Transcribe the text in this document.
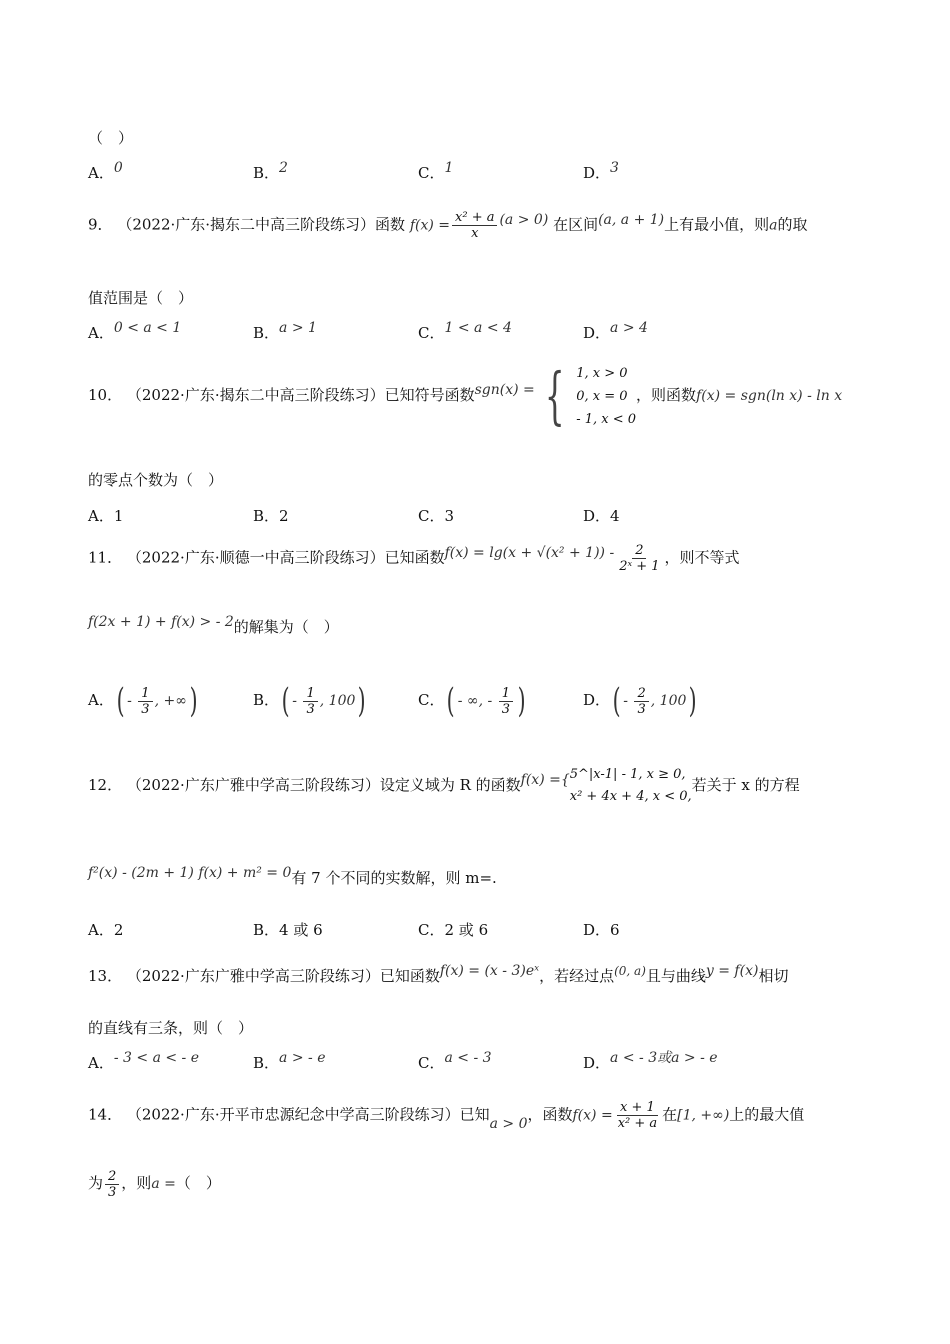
（　）
A．0	B．2	C．1	D．3
9． （2022·广东·揭东二中高三阶段练习）函数 $f(x) = \frac{\text{x² + a}}{x} (a > 0)$ 在区间(a, a + 1)上有最小值，则a的取
值范围是（　）
A．0 < a < 1	B．a > 1	C．1 < a < 4	D．a > 4
10． （2022·广东·揭东二中高三阶段练习）已知符号函数sgn(x) = { 1, x > 0
0, x = 0
- 1, x < 0
，则函数f(x) = sgn(ln x) - ln x
的零点个数为（　）
A．1	B．2	C．3	D．4
11． （2022·广东·顺德一中高三阶段练习）已知函数$f(x) = \lg(x + √(x^2 + 1)) - \frac{2}{\text{2ˣ + 1}}$ ，则不等式
f(2x + 1) + f(x) > - 2的解集为（　）
A．( - $\frac{1}{3}$ , +∞)	B．( - $\frac{1}{3}$ , 100)	C．( - ∞, - $\frac{1}{3}$ )	D．( - $\frac{2}{3}$ , 100)
12． （2022·广东广雅中学高三阶段练习）设定义域为 R 的函数f(x) ={ 5^|x-1| - 1, x ≥ 0,
x² + 4x + 4, x < 0,
若关于 x 的方程
f²(x) - (2m + 1) f(x) + m² = 0有 7 个不同的实数解，则 m=.
A．2	B．4 或 6	C．2 或 6	D．6
13． （2022·广东广雅中学高三阶段练习）已知函数f(x) = (x - 3)eˣ，若经过点(0, a)且与曲线y = f(x)相切
的直线有三条，则（　）
A．- 3 < a < - e	B．a > - e	C．a < - 3	D．a < - 3或a > - e
14． （2022·广东·开平市忠源纪念中学高三阶段练习）已知a > 0，函数$f(x) = \frac{x + 1}{\text{x² + a}}$ 在[1, +∞)上的最大值
为 $\frac{2}{3}$ ，则a =（　）
